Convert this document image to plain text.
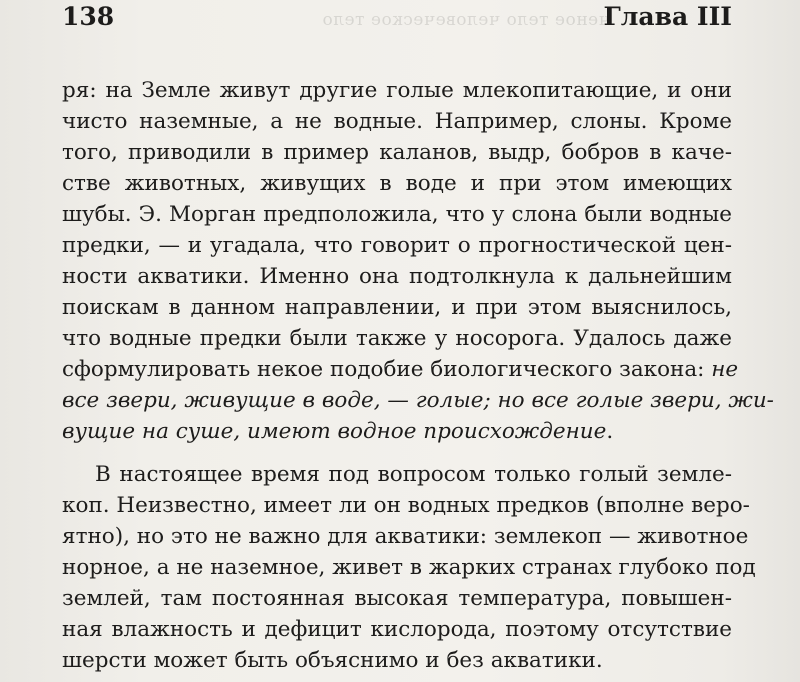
ченое тело человеческое тело
138	Глава III
ря: на Земле живут другие голые млекопитающие, и они
чисто наземные, а не водные. Например, слоны. Кроме
того, приводили в пример каланов, выдр, бобров в каче-
стве животных, живущих в воде и при этом имеющих
шубы. Э. Морган предположила, что у слона были водные
предки, — и угадала, что говорит о прогностической цен-
ности акватики. Именно она подтолкнула к дальнейшим
поискам в данном направлении, и при этом выяснилось,
что водные предки были также у носорога. Удалось даже
сформулировать некое подобие биологического закона: не
все звери, живущие в воде, — голые; но все голые звери, жи-
вущие на суше, имеют водное происхождение.
В настоящее время под вопросом только голый земле-
коп. Неизвестно, имеет ли он водных предков (вполне веро-
ятно), но это не важно для акватики: землекоп — животное
норное, а не наземное, живет в жарких странах глубоко под
землей, там постоянная высокая температура, повышен-
ная влажность и дефицит кислорода, поэтому отсутствие
шерсти может быть объяснимо и без акватики.
